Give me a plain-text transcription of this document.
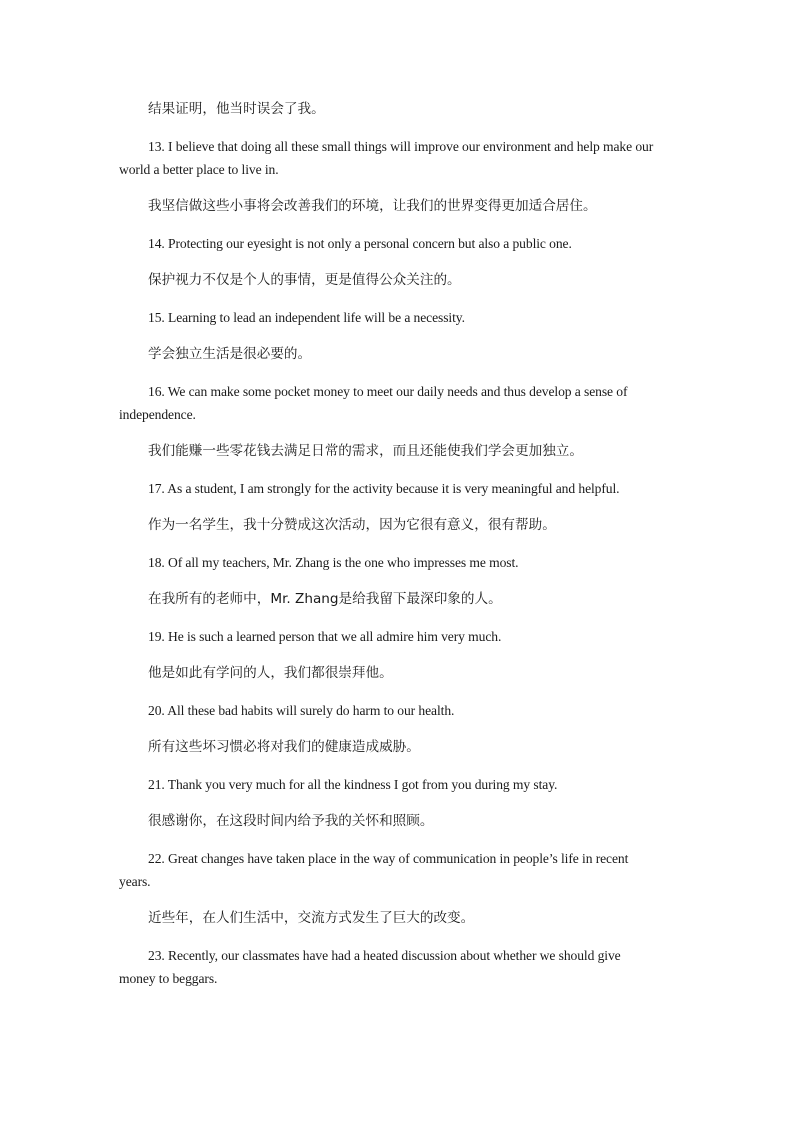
结果证明，他当时误会了我。

13. I believe that doing all these small things will improve our environment and help make our world a better place to live in.

我坚信做这些小事将会改善我们的环境，让我们的世界变得更加适合居住。

14. Protecting our eyesight is not only a personal concern but also a public one.

保护视力不仅是个人的事情，更是值得公众关注的。

15. Learning to lead an independent life will be a necessity.

学会独立生活是很必要的。

16. We can make some pocket money to meet our daily needs and thus develop a sense of independence.

我们能赚一些零花钱去满足日常的需求，而且还能使我们学会更加独立。

17. As a student, I am strongly for the activity because it is very meaningful and helpful.

作为一名学生，我十分赞成这次活动，因为它很有意义，很有帮助。

18. Of all my teachers, Mr. Zhang is the one who impresses me most.

在我所有的老师中，Mr. Zhang是给我留下最深印象的人。

19. He is such a learned person that we all admire him very much.

他是如此有学问的人，我们都很崇拜他。

20. All these bad habits will surely do harm to our health.

所有这些坏习惯必将对我们的健康造成威胁。

21. Thank you very much for all the kindness I got from you during my stay.

很感谢你，在这段时间内给予我的关怀和照顾。

22. Great changes have taken place in the way of communication in people’s life in recent years.

近些年，在人们生活中，交流方式发生了巨大的改变。

23. Recently, our classmates have had a heated discussion about whether we should give money to beggars.
